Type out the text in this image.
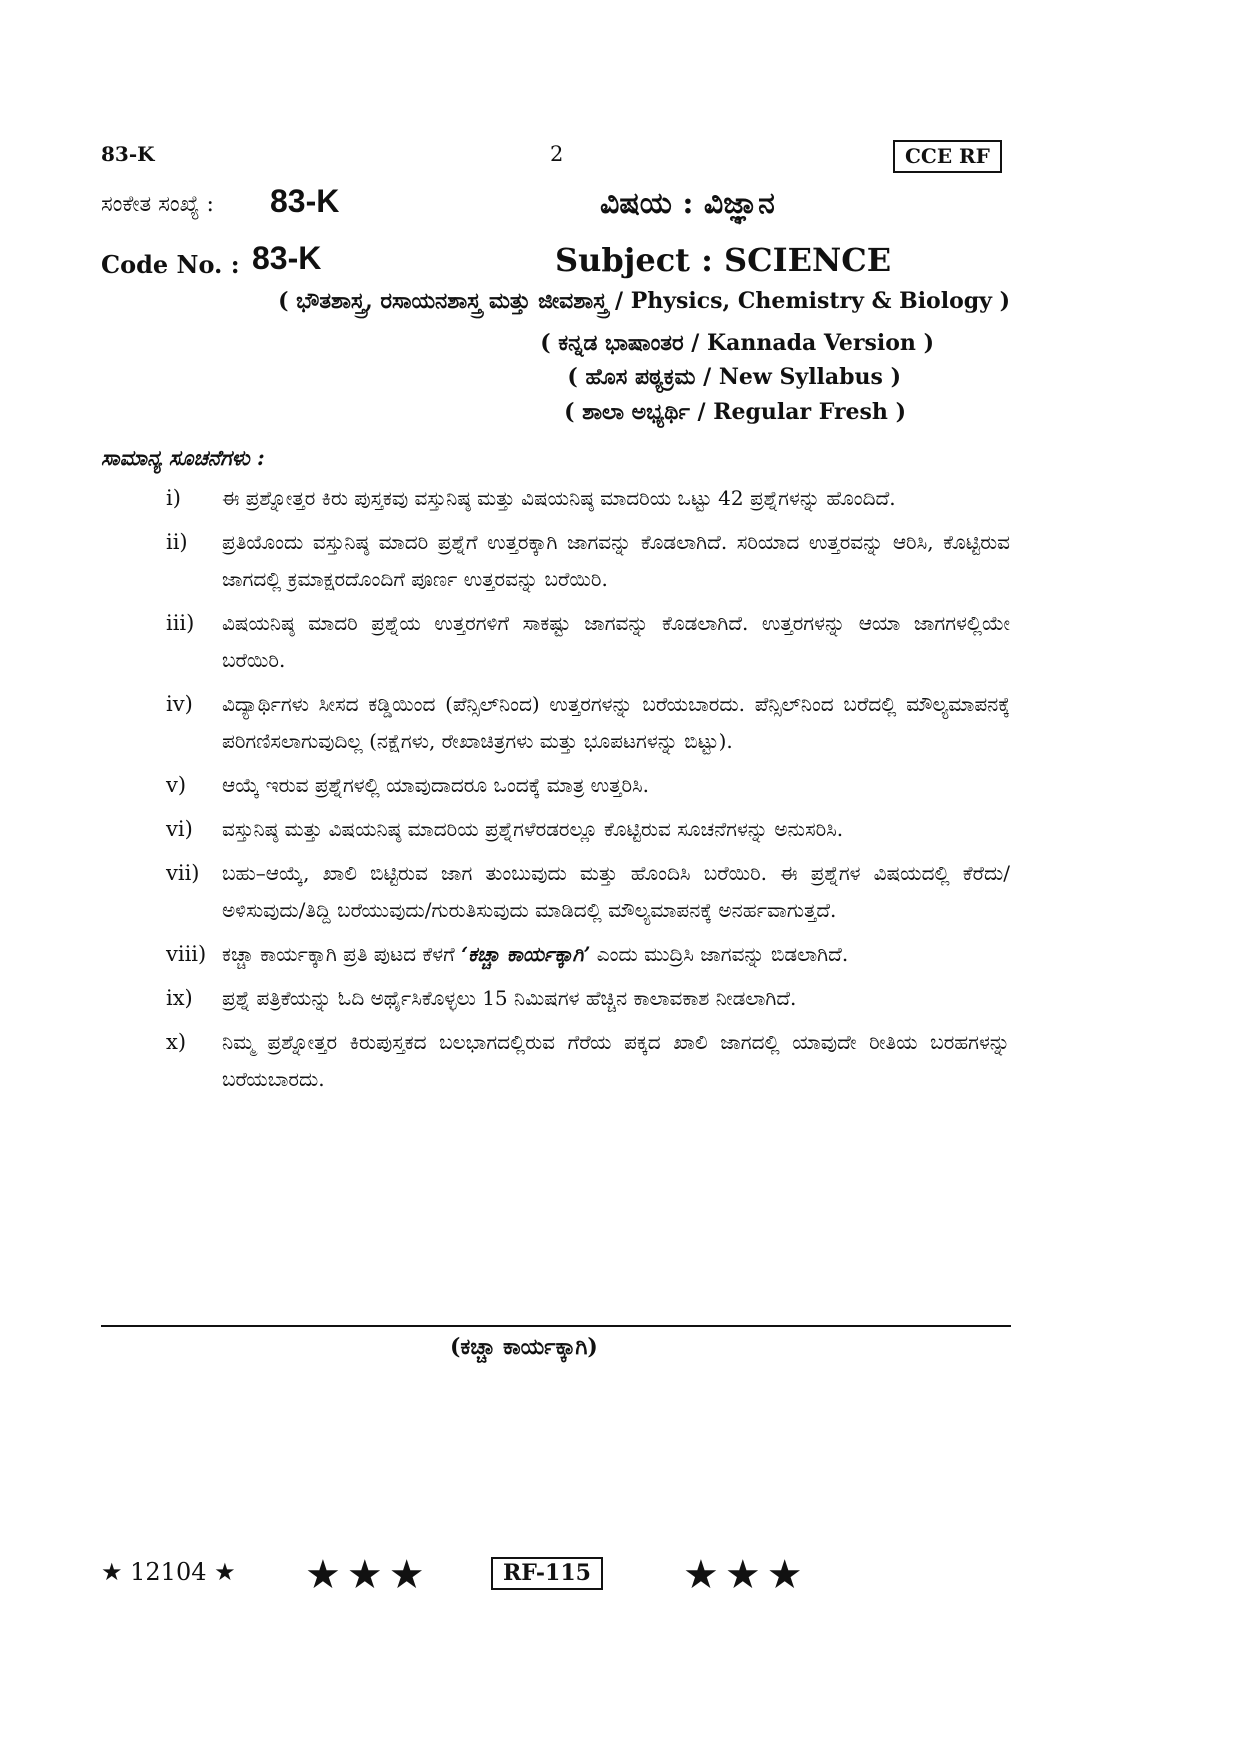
83-K	2	CCE RF
ಸಂಕೇತ ಸಂಖ್ಯೆ : 83-K	ವಿಷಯ : ವಿಜ್ಞಾನ
Code No. : 83-K	Subject : SCIENCE
( ಭೌತಶಾಸ್ತ್ರ, ರಸಾಯನಶಾಸ್ತ್ರ ಮತ್ತು ಜೀವಶಾಸ್ತ್ರ / Physics, Chemistry & Biology )
( ಕನ್ನಡ ಭಾಷಾಂತರ / Kannada Version )
( ಹೊಸ ಪಠ್ಯಕ್ರಮ / New Syllabus )
( ಶಾಲಾ ಅಭ್ಯರ್ಥಿ / Regular Fresh )
ಸಾಮಾನ್ಯ ಸೂಚನೆಗಳು :
i) ಈ ಪ್ರಶ್ನೋತ್ತರ ಕಿರು ಪುಸ್ತಕವು ವಸ್ತುನಿಷ್ಠ ಮತ್ತು ವಿಷಯನಿಷ್ಠ ಮಾದರಿಯ ಒಟ್ಟು 42 ಪ್ರಶ್ನೆಗಳನ್ನು ಹೊಂದಿದೆ.
ii) ಪ್ರತಿಯೊಂದು ವಸ್ತುನಿಷ್ಠ ಮಾದರಿ ಪ್ರಶ್ನೆಗೆ ಉತ್ತರಕ್ಕಾಗಿ ಜಾಗವನ್ನು ಕೊಡಲಾಗಿದೆ. ಸರಿಯಾದ ಉತ್ತರವನ್ನು ಆರಿಸಿ, ಕೊಟ್ಟಿರುವ ಜಾಗದಲ್ಲಿ ಕ್ರಮಾಕ್ಷರದೊಂದಿಗೆ ಪೂರ್ಣ ಉತ್ತರವನ್ನು ಬರೆಯಿರಿ.
iii) ವಿಷಯನಿಷ್ಠ ಮಾದರಿ ಪ್ರಶ್ನೆಯ ಉತ್ತರಗಳಿಗೆ ಸಾಕಷ್ಟು ಜಾಗವನ್ನು ಕೊಡಲಾಗಿದೆ. ಉತ್ತರಗಳನ್ನು ಆಯಾ ಜಾಗಗಳಲ್ಲಿಯೇ ಬರೆಯಿರಿ.
iv) ವಿದ್ಯಾರ್ಥಿಗಳು ಸೀಸದ ಕಡ್ಡಿಯಿಂದ (ಪೆನ್ಸಿಲ್‌ನಿಂದ) ಉತ್ತರಗಳನ್ನು ಬರೆಯಬಾರದು. ಪೆನ್ಸಿಲ್‌ನಿಂದ ಬರೆದಲ್ಲಿ ಮೌಲ್ಯಮಾಪನಕ್ಕೆ ಪರಿಗಣಿಸಲಾಗುವುದಿಲ್ಲ (ನಕ್ಷೆಗಳು, ರೇಖಾಚಿತ್ರಗಳು ಮತ್ತು ಭೂಪಟಗಳನ್ನು ಬಿಟ್ಟು).
v) ಆಯ್ಕೆ ಇರುವ ಪ್ರಶ್ನೆಗಳಲ್ಲಿ ಯಾವುದಾದರೂ ಒಂದಕ್ಕೆ ಮಾತ್ರ ಉತ್ತರಿಸಿ.
vi) ವಸ್ತುನಿಷ್ಠ ಮತ್ತು ವಿಷಯನಿಷ್ಠ ಮಾದರಿಯ ಪ್ರಶ್ನೆಗಳೆರಡರಲ್ಲೂ ಕೊಟ್ಟಿರುವ ಸೂಚನೆಗಳನ್ನು ಅನುಸರಿಸಿ.
vii) ಬಹು–ಆಯ್ಕೆ, ಖಾಲಿ ಬಿಟ್ಟಿರುವ ಜಾಗ ತುಂಬುವುದು ಮತ್ತು ಹೊಂದಿಸಿ ಬರೆಯಿರಿ. ಈ ಪ್ರಶ್ನೆಗಳ ವಿಷಯದಲ್ಲಿ ಕೆರೆದು/ಅಳಿಸುವುದು/ತಿದ್ದಿ ಬರೆಯುವುದು/ಗುರುತಿಸುವುದು ಮಾಡಿದಲ್ಲಿ ಮೌಲ್ಯಮಾಪನಕ್ಕೆ ಅನರ್ಹವಾಗುತ್ತದೆ.
viii) ಕಚ್ಚಾ ಕಾರ್ಯಕ್ಕಾಗಿ ಪ್ರತಿ ಪುಟದ ಕೆಳಗೆ ‘ಕಚ್ಚಾ ಕಾರ್ಯಕ್ಕಾಗಿ’ ಎಂದು ಮುದ್ರಿಸಿ ಜಾಗವನ್ನು ಬಿಡಲಾಗಿದೆ.
ix) ಪ್ರಶ್ನೆ ಪತ್ರಿಕೆಯನ್ನು ಓದಿ ಅರ್ಥೈಸಿಕೊಳ್ಳಲು 15 ನಿಮಿಷಗಳ ಹೆಚ್ಚಿನ ಕಾಲಾವಕಾಶ ನೀಡಲಾಗಿದೆ.
x) ನಿಮ್ಮ ಪ್ರಶ್ನೋತ್ತರ ಕಿರುಪುಸ್ತಕದ ಬಲಭಾಗದಲ್ಲಿರುವ ಗೆರೆಯ ಪಕ್ಕದ ಖಾಲಿ ಜಾಗದಲ್ಲಿ ಯಾವುದೇ ರೀತಿಯ ಬರಹಗಳನ್ನು ಬರೆಯಬಾರದು.
(ಕಚ್ಚಾ ಕಾರ್ಯಕ್ಕಾಗಿ)
★ 12104 ★ ★★★	RF-115	★★★
